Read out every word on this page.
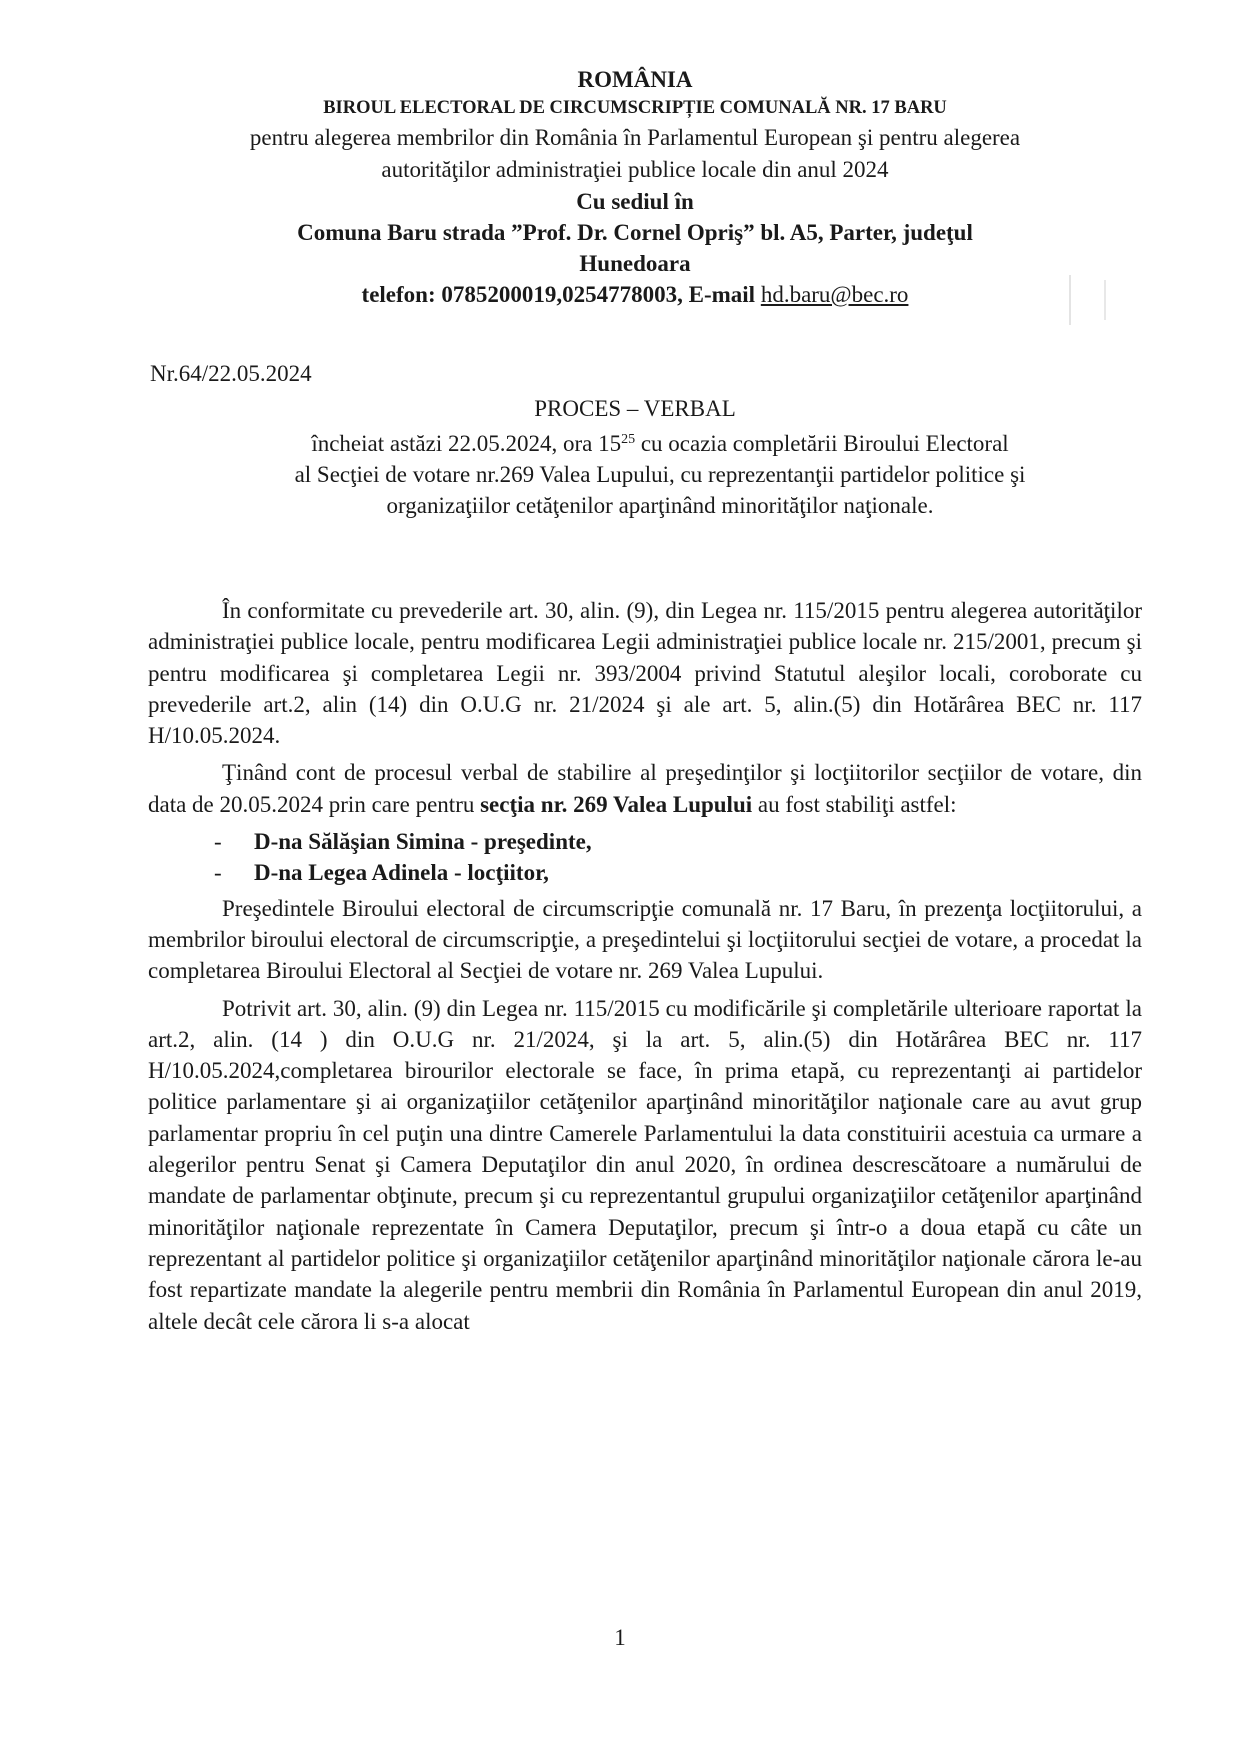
ROMÂNIA
BIROUL ELECTORAL DE CIRCUMSCRIPȚIE COMUNALĂ NR. 17 BARU
pentru alegerea membrilor din România în Parlamentul European şi pentru alegerea
autorităţilor administraţiei publice locale din anul 2024
Cu sediul în
Comuna Baru strada ”Prof. Dr. Cornel Opriş” bl. A5, Parter, judeţul
Hunedoara
telefon: 0785200019,0254778003, E-mail hd.baru@bec.ro
Nr.64/22.05.2024
PROCES – VERBAL
încheiat astăzi 22.05.2024, ora $15^{25}$ cu ocazia completării Biroului Electoral
al Secţiei de votare nr.269 Valea Lupului, cu reprezentanţii partidelor politice şi
organizaţiilor cetăţenilor aparţinând minorităţilor naţionale.

În conformitate cu prevederile art. 30, alin. (9), din Legea nr. 115/2015 pentru alegerea autorităţilor administraţiei publice locale, pentru modificarea Legii administraţiei publice locale nr. 215/2001, precum şi pentru modificarea şi completarea Legii nr. 393/2004 privind Statutul aleşilor locali, coroborate cu prevederile art.2, alin (14) din O.U.G nr. 21/2024 şi ale art. 5, alin.(5) din Hotărârea BEC nr. 117 H/10.05.2024.

Ţinând cont de procesul verbal de stabilire al preşedinţilor şi locţiitorilor secţiilor de votare, din data de 20.05.2024 prin care pentru secţia nr. 269 Valea Lupului au fost stabiliţi astfel:

- D-na Sălăşian Simina - preşedinte,
- D-na Legea Adinela - locţiitor,

Preşedintele Biroului electoral de circumscripţie comunală nr. 17 Baru, în prezenţa locţiitorului, a membrilor biroului electoral de circumscripţie, a preşedintelui şi locţiitorului secţiei de votare, a procedat la completarea Biroului Electoral al Secţiei de votare nr. 269 Valea Lupului.

Potrivit art. 30, alin. (9) din Legea nr. 115/2015 cu modificările şi completările ulterioare raportat la art.2, alin. (14 ) din O.U.G nr. 21/2024, şi la art. 5, alin.(5) din Hotărârea BEC nr. 117 H/10.05.2024,completarea birourilor electorale se face, în prima etapă, cu reprezentanţi ai partidelor politice parlamentare şi ai organizaţiilor cetăţenilor aparţinând minorităţilor naţionale care au avut grup parlamentar propriu în cel puţin una dintre Camerele Parlamentului la data constituirii acestuia ca urmare a alegerilor pentru Senat şi Camera Deputaţilor din anul 2020, în ordinea descrescătoare a numărului de mandate de parlamentar obţinute, precum şi cu reprezentantul grupului organizaţiilor cetăţenilor aparţinând minorităţilor naţionale reprezentate în Camera Deputaţilor, precum şi într-o a doua etapă cu câte un reprezentant al partidelor politice şi organizaţiilor cetăţenilor aparţinând minorităţilor naţionale cărora le-au fost repartizate mandate la alegerile pentru membrii din România în Parlamentul European din anul 2019, altele decât cele cărora li s-a alocat

1
